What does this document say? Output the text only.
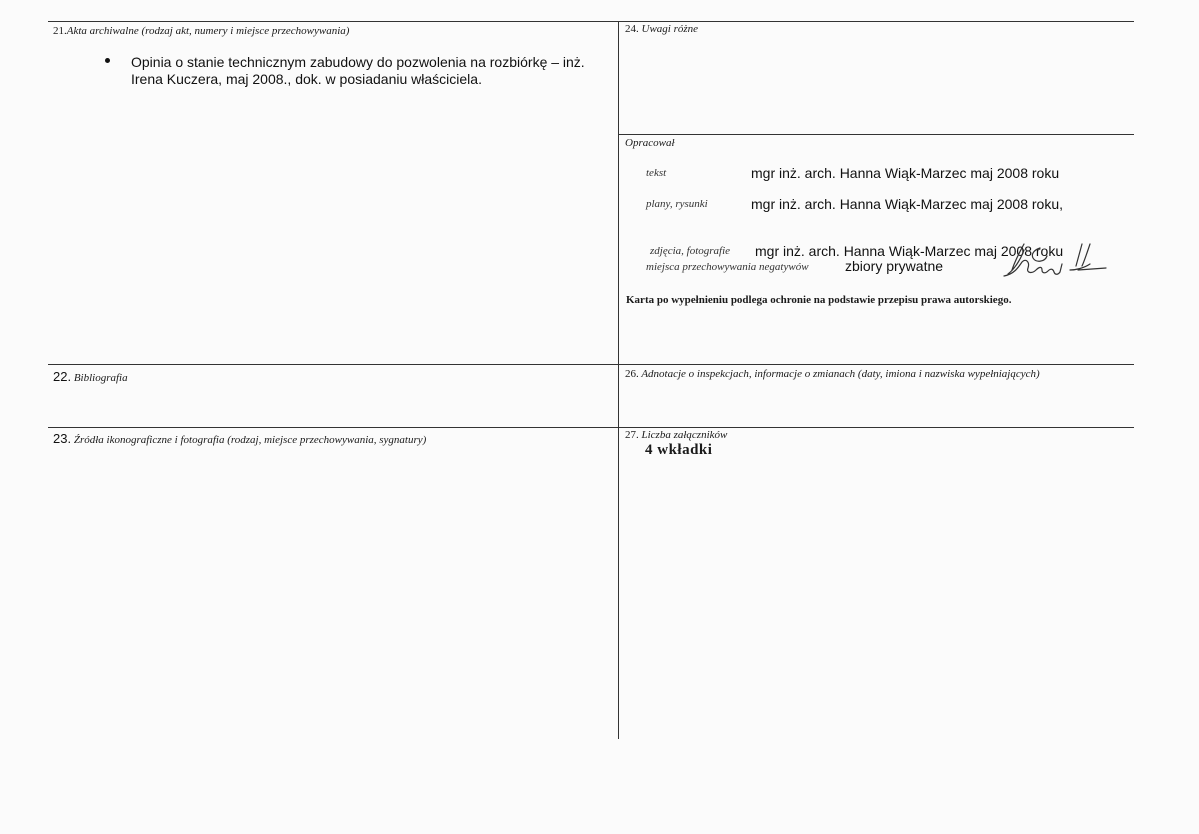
21.Akta archiwalne (rodzaj akt, numery i miejsce przechowywania)
Opinia o stanie technicznym zabudowy do pozwolenia na rozbiórkę – inż. Irena Kuczera, maj 2008., dok. w posiadaniu właściciela.
24. Uwagi różne
Opracował
tekst	mgr inż. arch. Hanna Wiąk-Marzec maj 2008 roku
plany, rysunki	mgr inż. arch. Hanna Wiąk-Marzec maj 2008 roku,
zdjęcia, fotografie mgr inż. arch. Hanna Wiąk-Marzec maj 2008 roku
miejsca przechowywania negatywów	zbiory prywatne
Karta po wypełnieniu podlega ochronie na podstawie przepisu prawa autorskiego.
22. Bibliografia	26. Adnotacje o inspekcjach, informacje o zmianach (daty, imiona i nazwiska wypełniających)
23. Źródła ikonograficzne i fotografia (rodzaj, miejsce przechowywania, sygnatury)	27. Liczba załączników
4 wkładki
